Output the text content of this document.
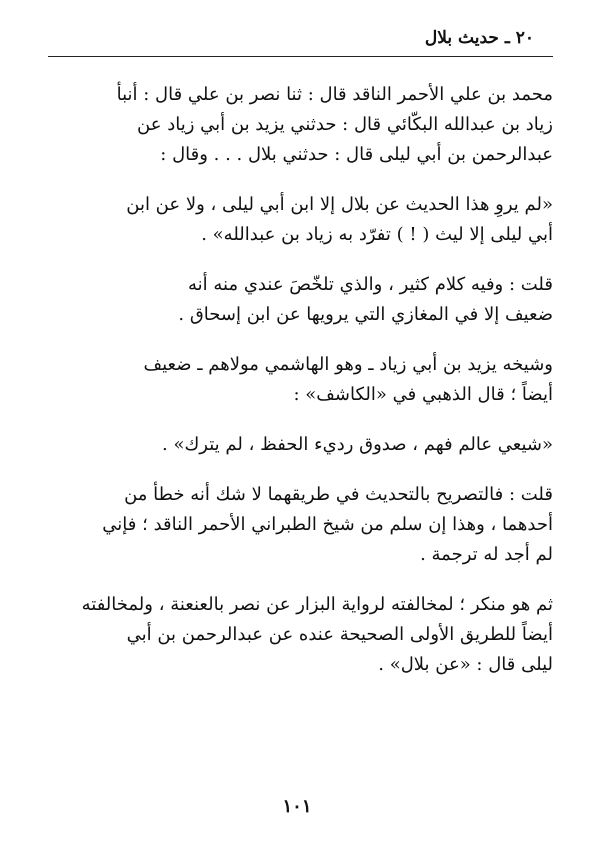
٢٠ ـ حديث بلال

محمد بن علي الأحمر الناقد قال : ثنا نصر بن علي قال : أنبأ
زياد بن عبدالله البكّائي قال : حدثني يزيد بن أبي زياد عن
عبدالرحمن بن أبي ليلى قال : حدثني بلال . . . وقال :

«لم يروِ هذا الحديث عن بلال إلا ابن أبي ليلى ، ولا عن ابن
أبي ليلى إلا ليث ( ! ) تفرّد به زياد بن عبدالله» .

قلت : وفيه كلام كثير ، والذي تلخّصَ عندي منه أنه
ضعيف إلا في المغازي التي يرويها عن ابن إسحاق .

وشيخه يزيد بن أبي زياد ـ وهو الهاشمي مولاهم ـ ضعيف
أيضاً ؛ قال الذهبي في «الكاشف» :

«شيعي عالم فهم ، صدوق رديء الحفظ ، لم يترك» .

قلت : فالتصريح بالتحديث في طريقهما لا شك أنه خطأ من
أحدهما ، وهذا إن سلم من شيخ الطبراني الأحمر الناقد ؛ فإني
لم أجد له ترجمة .

ثم هو منكر ؛ لمخالفته لرواية البزار عن نصر بالعنعنة ، ولمخالفته
أيضاً للطريق الأولى الصحيحة عنده عن عبدالرحمن بن أبي
ليلى قال : «عن بلال» .

١٠١
